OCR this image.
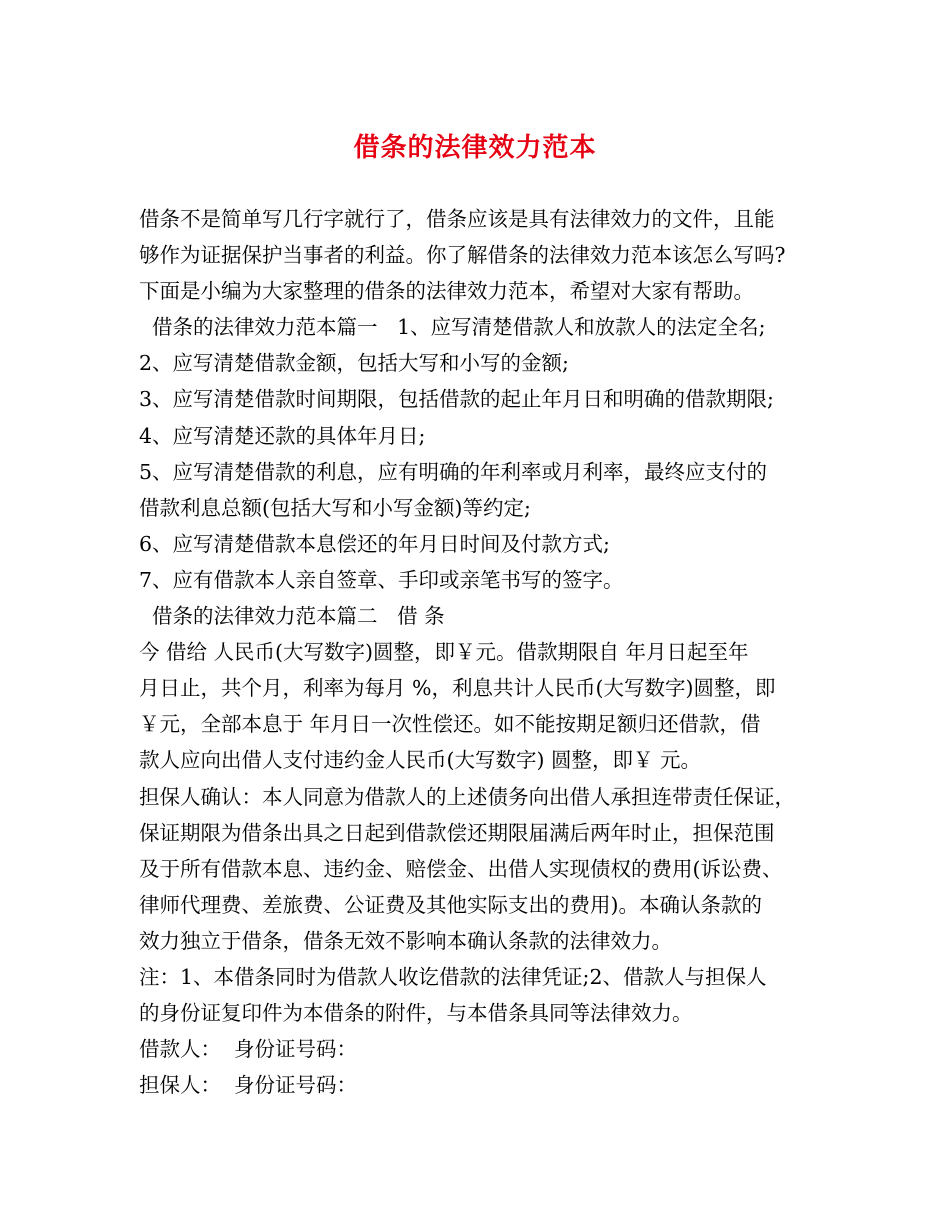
借条的法律效力范本
借条不是简单写几行字就行了，借条应该是具有法律效力的文件，且能
够作为证据保护当事者的利益。你了解借条的法律效力范本该怎么写吗?
下面是小编为大家整理的借条的法律效力范本，希望对大家有帮助。
借条的法律效力范本篇一   1、应写清楚借款人和放款人的法定全名;
2、应写清楚借款金额，包括大写和小写的金额;
3、应写清楚借款时间期限，包括借款的起止年月日和明确的借款期限;
4、应写清楚还款的具体年月日;
5、应写清楚借款的利息，应有明确的年利率或月利率，最终应支付的
借款利息总额(包括大写和小写金额)等约定;
6、应写清楚借款本息偿还的年月日时间及付款方式;
7、应有借款本人亲自签章、手印或亲笔书写的签字。
借条的法律效力范本篇二   借 条
今 借给 人民币(大写数字)圆整，即￥元。借款期限自 年月日起至年
月日止，共个月，利率为每月 %，利息共计人民币(大写数字)圆整，即
￥元，全部本息于 年月日一次性偿还。如不能按期足额归还借款，借
款人应向出借人支付违约金人民币(大写数字) 圆整，即￥ 元。
担保人确认：本人同意为借款人的上述债务向出借人承担连带责任保证，
保证期限为借条出具之日起到借款偿还期限届满后两年时止，担保范围
及于所有借款本息、违约金、赔偿金、出借人实现债权的费用(诉讼费、
律师代理费、差旅费、公证费及其他实际支出的费用)。本确认条款的
效力独立于借条，借条无效不影响本确认条款的法律效力。
注：1、本借条同时为借款人收讫借款的法律凭证;2、借款人与担保人
的身份证复印件为本借条的附件，与本借条具同等法律效力。
借款人：  身份证号码：
担保人：  身份证号码：
